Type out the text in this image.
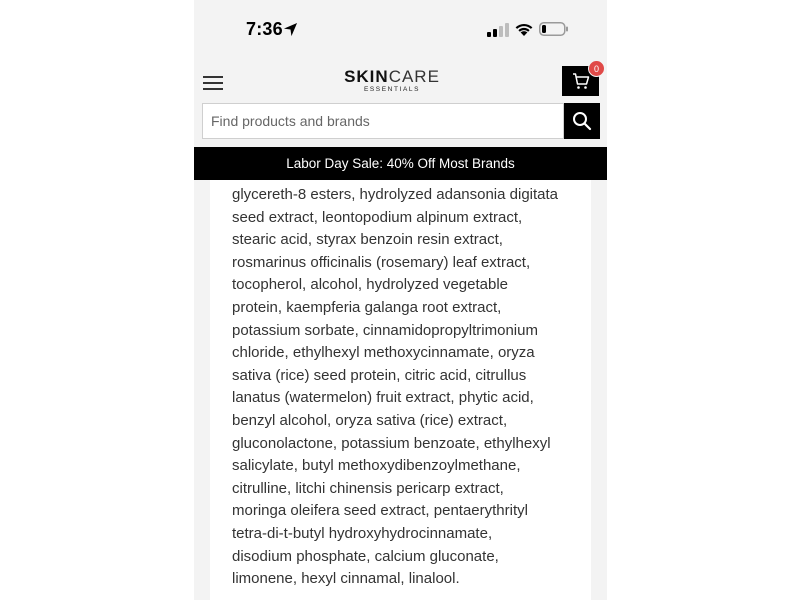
7:36
SKINCARE
ESSENTIALS
0
Find products and brands
Labor Day Sale: 40% Off Most Brands

glycereth-8 esters, hydrolyzed adansonia digitata
seed extract, leontopodium alpinum extract,
stearic acid, styrax benzoin resin extract,
rosmarinus officinalis (rosemary) leaf extract,
tocopherol, alcohol, hydrolyzed vegetable
protein, kaempferia galanga root extract,
potassium sorbate, cinnamidopropyltrimonium
chloride, ethylhexyl methoxycinnamate, oryza
sativa (rice) seed protein, citric acid, citrullus
lanatus (watermelon) fruit extract, phytic acid,
benzyl alcohol, oryza sativa (rice) extract,
gluconolactone, potassium benzoate, ethylhexyl
salicylate, butyl methoxydibenzoylmethane,
citrulline, litchi chinensis pericarp extract,
moringa oleifera seed extract, pentaerythrityl
tetra-di-t-butyl hydroxyhydrocinnamate,
disodium phosphate, calcium gluconate,
limonene, hexyl cinnamal, linalool.
